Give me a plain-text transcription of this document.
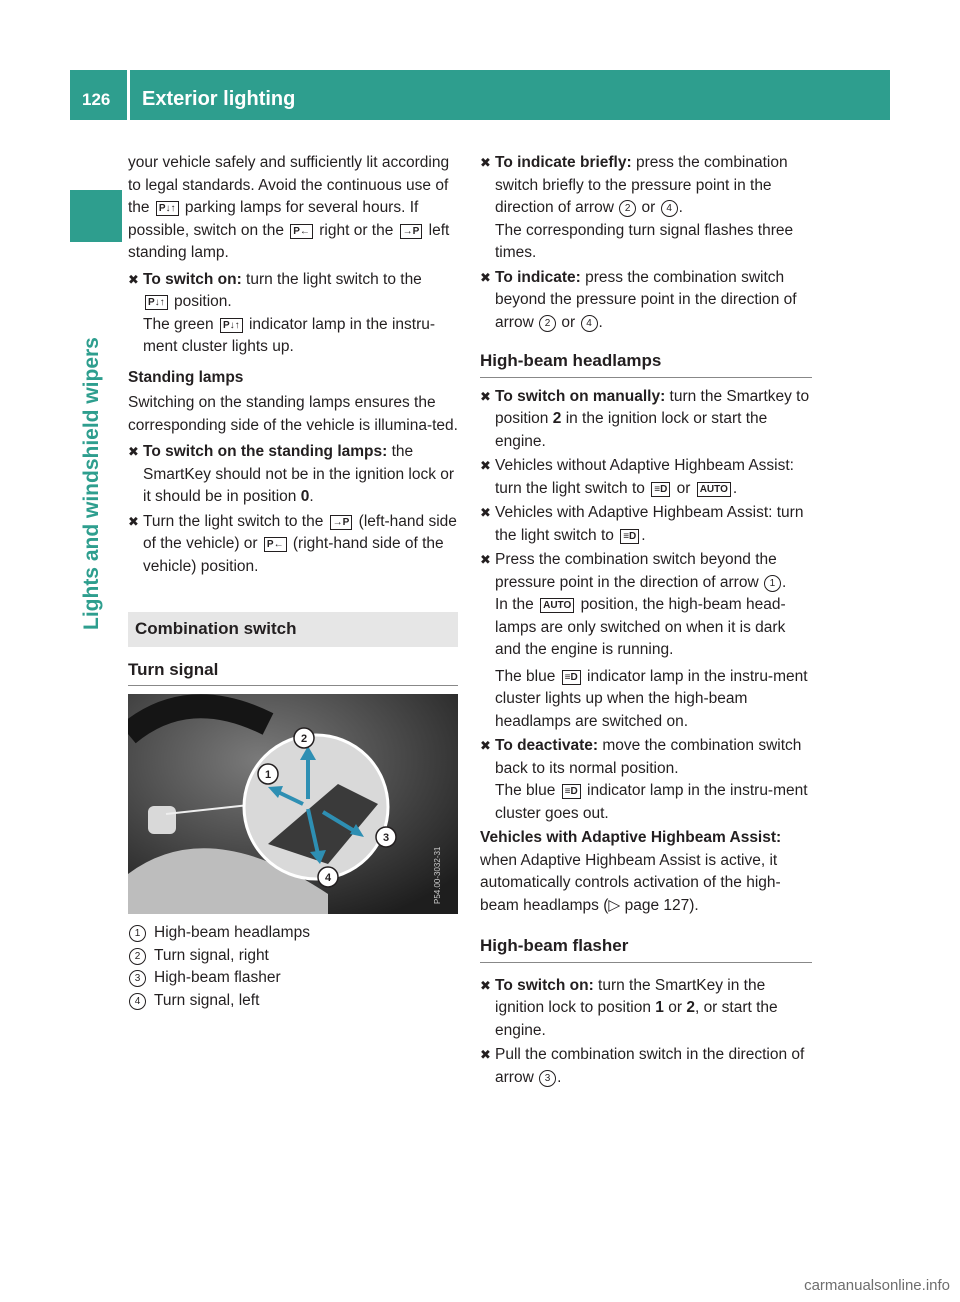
126 Exterior lighting
Lights and windshield wipers

your vehicle safely and sufficiently lit according to legal standards. Avoid the continuous use of the P↓↑ parking lamps for several hours. If possible, switch on the P← right or the →P left standing lamp.

✖ To switch on: turn the light switch to the
P↓↑ position.
The green P↓↑ indicator lamp in the instru-ment cluster lights up.

Standing lamps

Switching on the standing lamps ensures the corresponding side of the vehicle is illumina-ted.

✖ To switch on the standing lamps: the SmartKey should not be in the ignition lock or it should be in position 0.
✖ Turn the light switch to the →P (left-hand side of the vehicle) or P← (right-hand side of the vehicle) position.
Combination switch
Turn signal
2
1
3
4	P54.00-3032-31
1 High-beam headlamps
2 Turn signal, right
3 High-beam flasher
4 Turn signal, left
✖ To indicate briefly: press the combination switch briefly to the pressure point in the direction of arrow 2 or 4 .
The corresponding turn signal flashes three times.
✖ To indicate: press the combination switch beyond the pressure point in the direction of arrow 2 or 4 .
High-beam headlamps
✖ To switch on manually: turn the Smartkey to position 2 in the ignition lock or start the engine.
✖ Vehicles without Adaptive Highbeam Assist: turn the light switch to ≡D or AUTO .
✖ Vehicles with Adaptive Highbeam Assist: turn the light switch to ≡D .
✖ Press the combination switch beyond the pressure point in the direction of arrow 1 .
In the AUTO position, the high-beam head-lamps are only switched on when it is dark and the engine is running.
The blue ≡D indicator lamp in the instru-ment cluster lights up when the high-beam headlamps are switched on.
✖ To deactivate: move the combination switch back to its normal position.
The blue ≡D indicator lamp in the instru-ment cluster goes out.

Vehicles with Adaptive Highbeam Assist: when Adaptive Highbeam Assist is active, it automatically controls activation of the high-beam headlamps (▷ page 127).

High-beam flasher
✖ To switch on: turn the SmartKey in the ignition lock to position 1 or 2, or start the engine.
✖ Pull the combination switch in the direction of arrow 3 .
carmanualsonline.info
